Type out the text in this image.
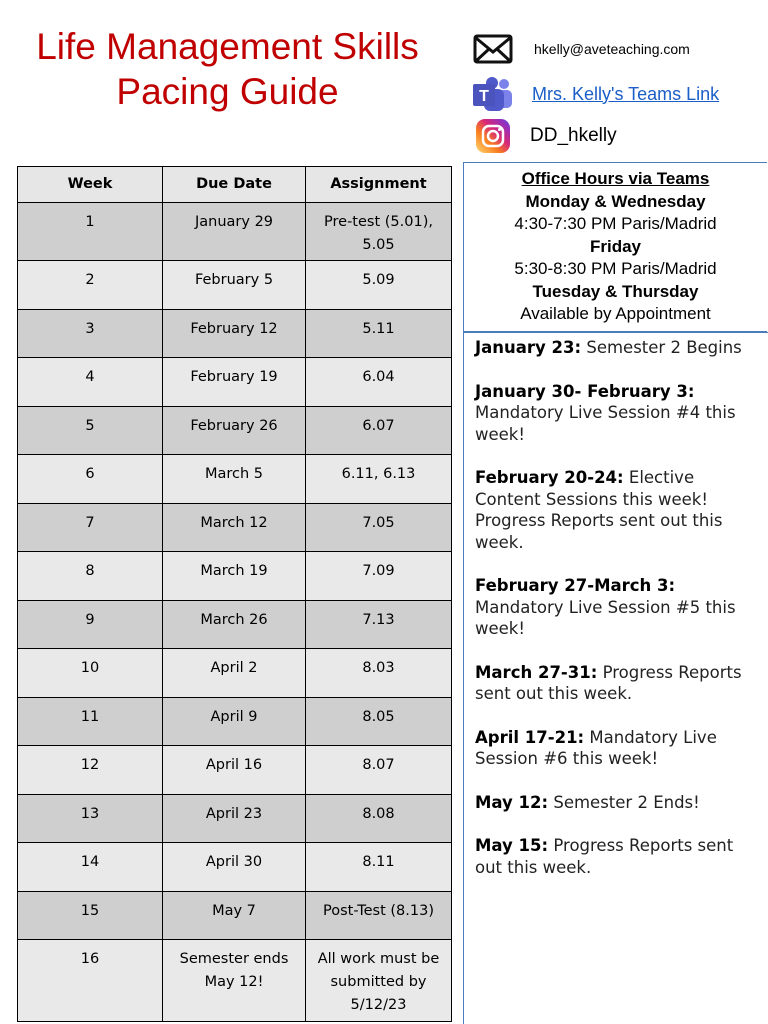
Life Management Skills
Pacing Guide
hkelly@aveteaching.com
T Mrs. Kelly's Teams Link
DD_hkelly
Week	Due Date	Assignment
1	January 29	Pre-test (5.01), 5.05
2	February 5	5.09
3	February 12	5.11
4	February 19	6.04
5	February 26	6.07
6	March 5	6.11, 6.13
7	March 12	7.05
8	March 19	7.09
9	March 26	7.13
10	April 2	8.03
11	April 9	8.05
12	April 16	8.07
13	April 23	8.08
14	April 30	8.11
15	May 7	Post-Test (8.13)
16	Semester ends May 12!	All work must be submitted by 5/12/23
Office Hours via Teams
Monday & Wednesday
4:30-7:30 PM Paris/Madrid
Friday
5:30-8:30 PM Paris/Madrid
Tuesday & Thursday
Available by Appointment
January 23: Semester 2 Begins
January 30- February 3: Mandatory Live Session #4 this week!
February 20-24: Elective Content Sessions this week! Progress Reports sent out this week.
February 27-March 3: Mandatory Live Session #5 this week!
March 27-31: Progress Reports sent out this week.
April 17-21: Mandatory Live Session #6 this week!
May 12: Semester 2 Ends!
May 15: Progress Reports sent out this week.
